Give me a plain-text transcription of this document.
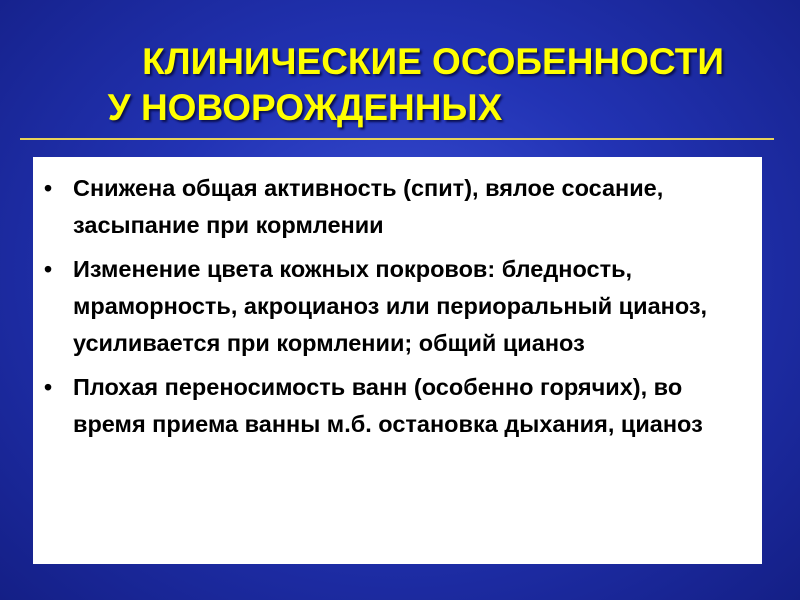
КЛИНИЧЕСКИЕ ОСОБЕННОСТИ
У НОВОРОЖДЕННЫХ
• Снижена общая активность (спит), вялое сосание, засыпание при кормлении
• Изменение цвета кожных покровов: бледность, мраморность, акроцианоз или периоральный цианоз, усиливается при кормлении; общий цианоз
• Плохая переносимость ванн (особенно горячих), во время приема ванны м.б. остановка дыхания, цианоз
